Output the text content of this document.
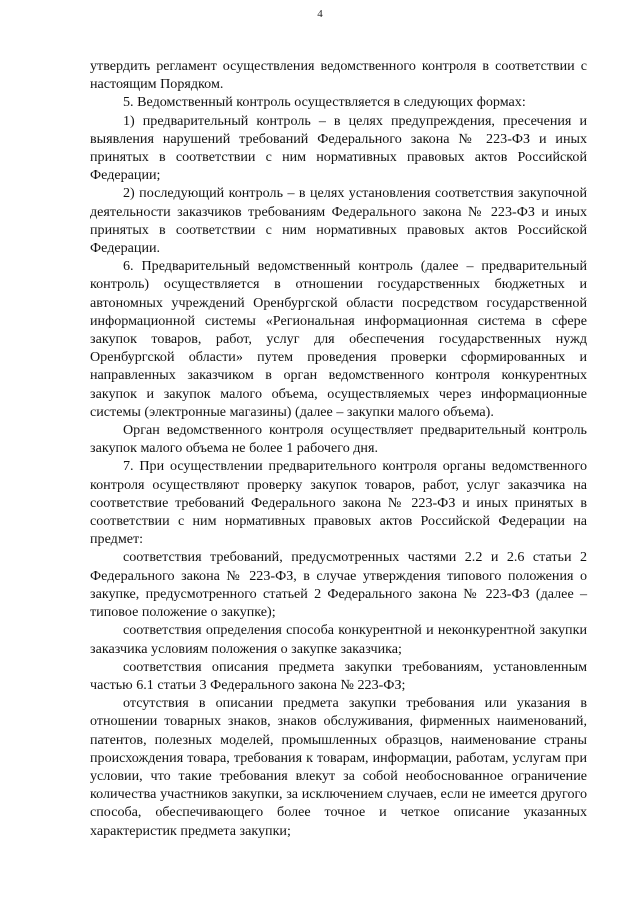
4

утвердить регламент осуществления ведомственного контроля в соответствии с настоящим Порядком.

5. Ведомственный контроль осуществляется в следующих формах:

1) предварительный контроль – в целях предупреждения, пресечения и выявления нарушений требований Федерального закона № 223-ФЗ и иных принятых в соответствии с ним нормативных правовых актов Российской Федерации;

2) последующий контроль – в целях установления соответствия закупочной деятельности заказчиков требованиям Федерального закона № 223-ФЗ и иных принятых в соответствии с ним нормативных правовых актов Российской Федерации.

6. Предварительный ведомственный контроль (далее – предварительный контроль) осуществляется в отношении государственных бюджетных и автономных учреждений Оренбургской области посредством государственной информационной системы «Региональная информационная система в сфере закупок товаров, работ, услуг для обеспечения государственных нужд Оренбургской области» путем проведения проверки сформированных и направленных заказчиком в орган ведомственного контроля конкурентных закупок и закупок малого объема, осуществляемых через информационные системы (электронные магазины) (далее – закупки малого объема).

Орган ведомственного контроля осуществляет предварительный контроль закупок малого объема не более 1 рабочего дня.

7. При осуществлении предварительного контроля органы ведомственного контроля осуществляют проверку закупок товаров, работ, услуг заказчика на соответствие требований Федерального закона № 223-ФЗ и иных принятых в соответствии с ним нормативных правовых актов Российской Федерации на предмет:

соответствия требований, предусмотренных частями 2.2 и 2.6 статьи 2 Федерального закона № 223-ФЗ, в случае утверждения типового положения о закупке, предусмотренного статьей 2 Федерального закона № 223-ФЗ (далее – типовое положение о закупке);

соответствия определения способа конкурентной и неконкурентной закупки заказчика условиям положения о закупке заказчика;

соответствия описания предмета закупки требованиям, установленным частью 6.1 статьи 3 Федерального закона № 223-ФЗ;

отсутствия в описании предмета закупки требования или указания в отношении товарных знаков, знаков обслуживания, фирменных наименований, патентов, полезных моделей, промышленных образцов, наименование страны происхождения товара, требования к товарам, информации, работам, услугам при условии, что такие требования влекут за собой необоснованное ограничение количества участников закупки, за исключением случаев, если не имеется другого способа, обеспечивающего более точное и четкое описание указанных характеристик предмета закупки;
